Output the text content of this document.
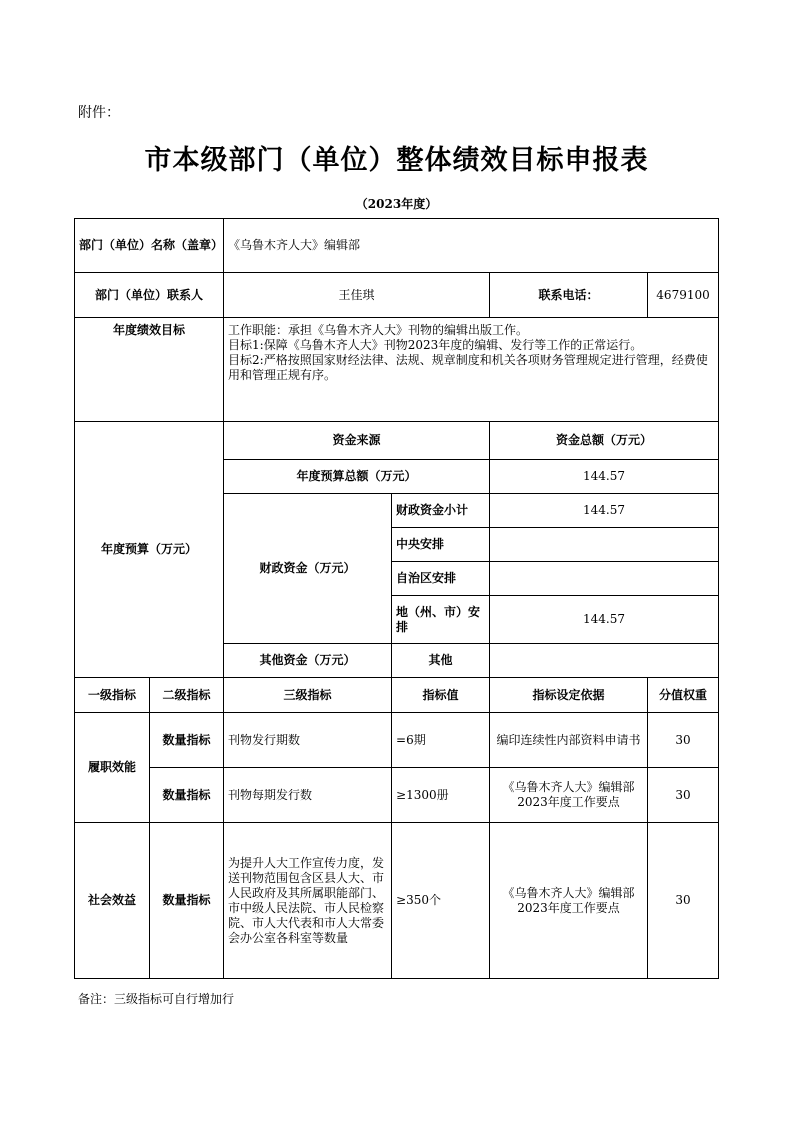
附件：
市本级部门（单位）整体绩效目标申报表
（2023年度）
部门（单位）名称（盖章）		《乌鲁木齐人大》编辑部			
部门（单位）联系人		王佳琪		联系电话：	4679100
年度绩效目标		工作职能：承担《乌鲁木齐人大》刊物的编辑出版工作。
目标1:保障《乌鲁木齐人大》刊物2023年度的编辑、发行等工作的正常运行。
目标2:严格按照国家财经法律、法规、规章制度和机关各项财务管理规定进行管理，经费使用和管理正规有序。			

年度预算（万元）		资金来源		资金总额（万元）	
		年度预算总额（万元）		144.57	
		财政资金（万元）	财政资金小计	144.57	
			中央安排		
			自治区安排		
			地（州、市）安排	144.57	
		其他资金（万元）	其他		
一级指标	二级指标	三级指标	指标值	指标设定依据	分值权重
履职效能	数量指标	刊物发行期数	=6期	编印连续性内部资料申请书	30
	数量指标	刊物每期发行数	≥1300册	《乌鲁木齐人大》编辑部2023年度工作要点	30
社会效益	数量指标	为提升人大工作宣传力度，发送刊物范围包含区县人大、市人民政府及其所属职能部门、市中级人民法院、市人民检察院、市人大代表和市人大常委会办公室各科室等数量	≥350个	《乌鲁木齐人大》编辑部2023年度工作要点	30
备注：三级指标可自行增加行
